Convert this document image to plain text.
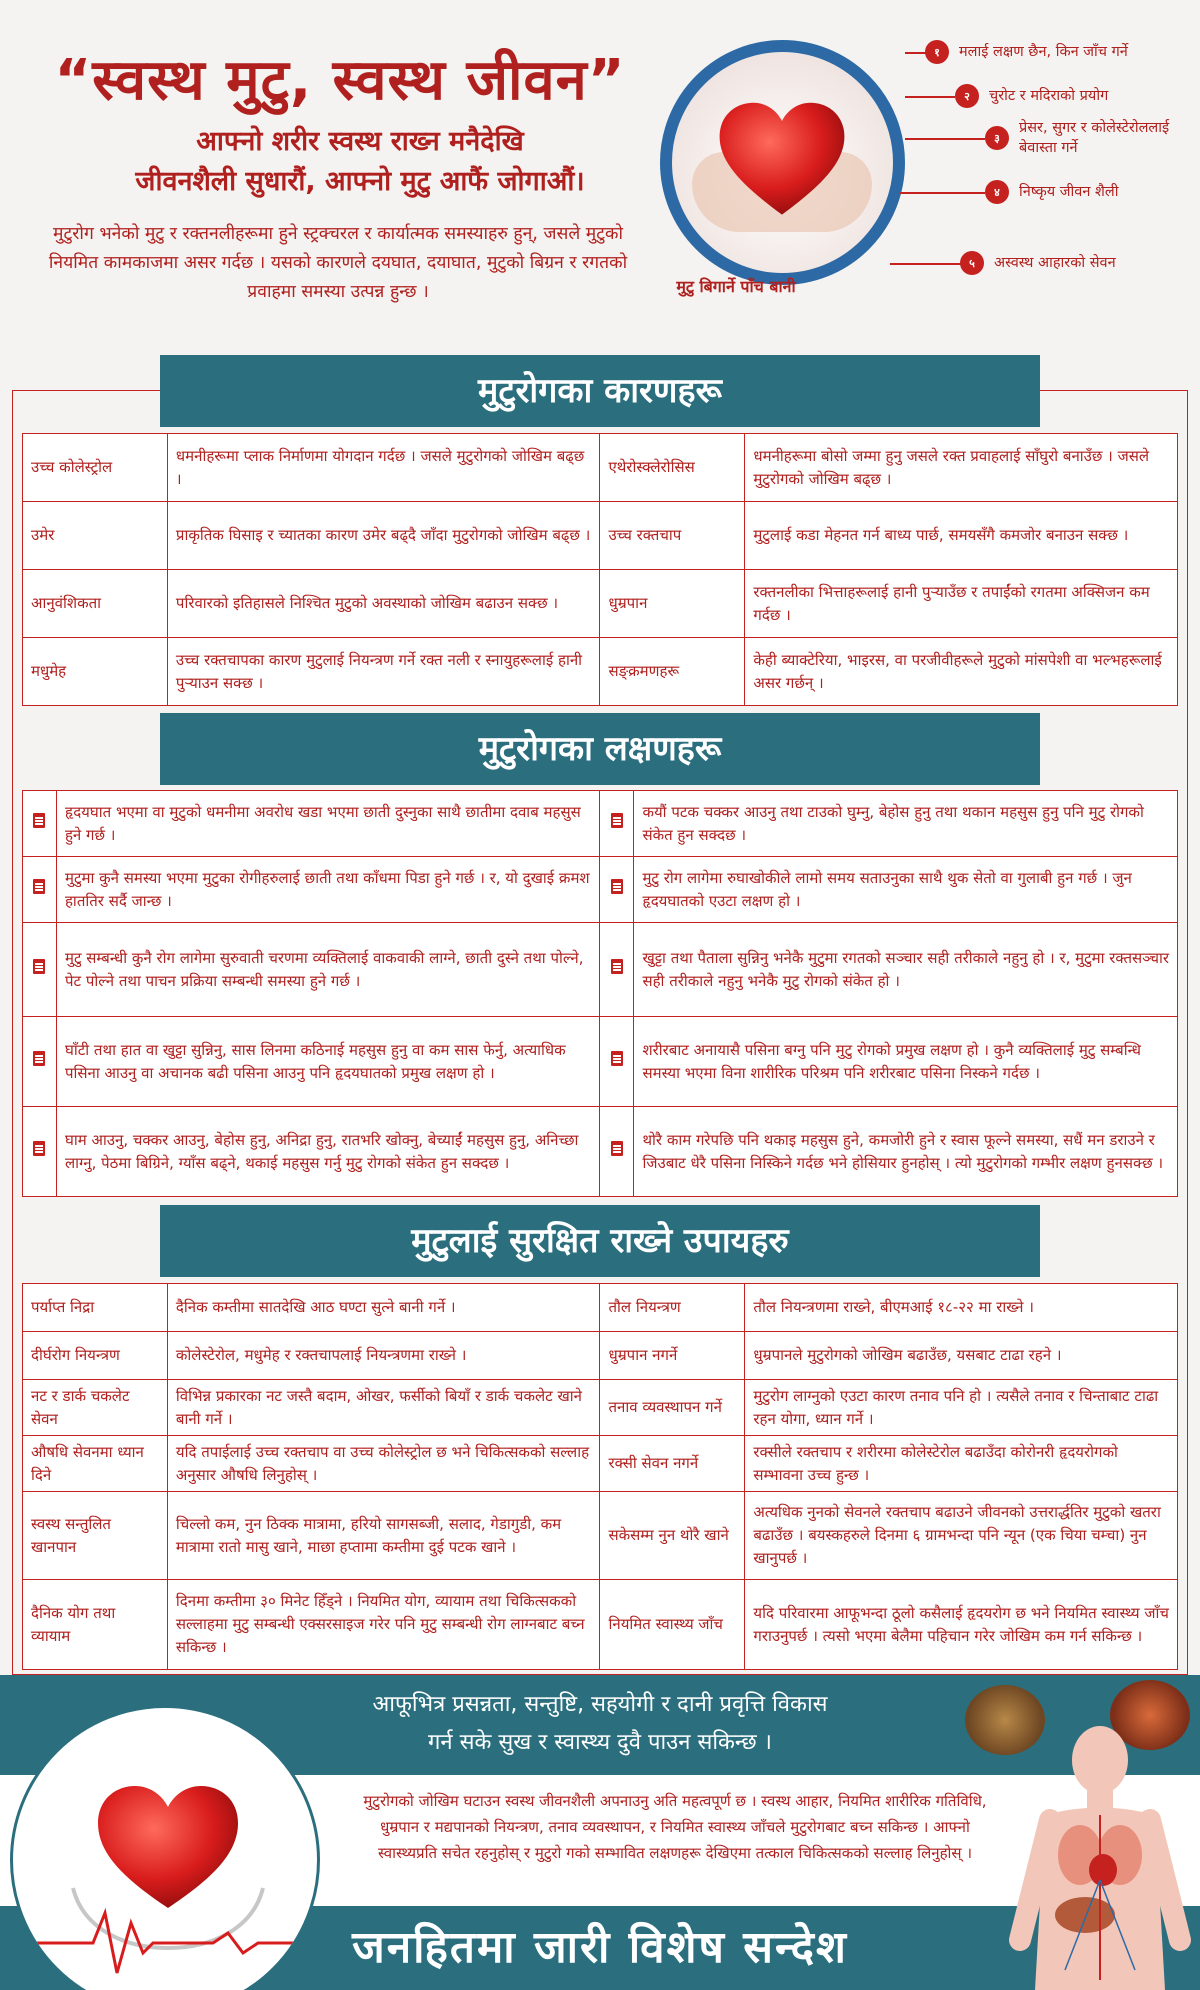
“स्वस्थ मुटु, स्वस्थ जीवन”
आफ्नो शरीर स्वस्थ राख्न मनैदेखि
जीवनशैली सुधारौं, आफ्नो मुटु आफैं जोगाऔं।
मुटुरोग भनेको मुटु र रक्तनलीहरूमा हुने स्ट्रक्चरल र कार्यात्मक समस्याहरु हुन्, जसले मुटुको नियमित कामकाजमा असर गर्दछ । यसको कारणले दयघात, दयाघात, मुटुको बिग्रन र रगतको प्रवाहमा समस्या उत्पन्न हुन्छ ।	मुटु बिगार्ने पाँच बानी
१	मलाई लक्षण छैन, किन जाँच गर्ने
२	चुरोट र मदिराको प्रयोग
३
प्रेसर, सुगर र कोलेस्टेरोललाई बेवास्ता गर्ने
४	निष्कृय जीवन शैली
५	अस्वस्थ आहारको सेवन
मुटुरोगका कारणहरू
उच्च कोलेस्ट्रोल	धमनीहरूमा प्लाक निर्माणमा योगदान गर्दछ । जसले मुटुरोगको जोखिम बढ्छ ।	एथेरोस्क्लेरोसिस	धमनीहरूमा बोसो जम्मा हुनु जसले रक्त प्रवाहलाई साँघुरो बनाउँछ । जसले मुटुरोगको जोखिम बढ्छ ।
उमेर	प्राकृतिक घिसाइ र च्यातका कारण उमेर बढ्दै जाँदा मुटुरोगको जोखिम बढ्छ ।	उच्च रक्तचाप	मुटुलाई कडा मेहनत गर्न बाध्य पार्छ, समयसँगै कमजोर बनाउन सक्छ ।
आनुवंशिकता	परिवारको इतिहासले निश्चित मुटुको अवस्थाको जोखिम बढाउन सक्छ ।	धुम्रपान	रक्तनलीका भित्ताहरूलाई हानी पुर्‍याउँछ र तपाईंको रगतमा अक्सिजन कम गर्दछ ।
मधुमेह	उच्च रक्तचापका कारण मुटुलाई नियन्त्रण गर्ने रक्त नली र स्नायुहरूलाई हानी पुर्‍याउन सक्छ ।	सङ्क्रमणहरू	केही ब्याक्टेरिया, भाइरस, वा परजीवीहरूले मुटुको मांसपेशी वा भल्भहरूलाई असर गर्छन् ।
मुटुरोगका लक्षणहरू
	हृदयघात भएमा वा मुटुको धमनीमा अवरोध खडा भएमा छाती दुस्नुका साथै छातीमा दवाब महसुस हुने गर्छ ।		कयौं पटक चक्कर आउनु तथा टाउको घुम्नु, बेहोस हुनु तथा थकान महसुस हुनु पनि मुटु रोगको संकेत हुन सक्दछ ।
	मुटुमा कुनै समस्या भएमा मुटुका रोगीहरुलाई छाती तथा काँधमा पिडा हुने गर्छ । र, यो दुखाई क्रमश हाततिर सर्दै जान्छ ।		मुटु रोग लागेमा रुघाखोकीले लामो समय सताउनुका साथै थुक सेतो वा गुलाबी हुन गर्छ । जुन हृदयघातको एउटा लक्षण हो ।
	मुटु सम्बन्धी कुनै रोग लागेमा सुरुवाती चरणमा व्यक्तिलाई वाकवाकी लाग्ने, छाती दुस्ने तथा पोल्ने, पेट पोल्ने तथा पाचन प्रक्रिया सम्बन्धी समस्या हुने गर्छ ।		खुट्टा तथा पैताला सुन्निनु भनेकै मुटुमा रगतको सञ्चार सही तरीकाले नहुनु हो । र, मुटुमा रक्तसञ्चार सही तरीकाले नहुनु भनेकै मुटु रोगको संकेत हो ।
	घाँटी तथा हात वा खुट्टा सुन्निनु, सास लिनमा कठिनाई महसुस हुनु वा कम सास फेर्नु, अत्याधिक पसिना आउनु वा अचानक बढी पसिना आउनु पनि हृदयघातको प्रमुख लक्षण हो ।		शरीरबाट अनायासै पसिना बग्नु पनि मुटु रोगको प्रमुख लक्षण हो । कुनै व्यक्तिलाई मुटु सम्बन्धि समस्या भएमा विना शारीरिक परिश्रम पनि शरीरबाट पसिना निस्कने गर्दछ ।
	घाम आउनु, चक्कर आउनु, बेहोस हुनु, अनिद्रा हुनु, रातभरि खोक्नु, बेच्याईं महसुस हुनु, अनिच्छा लाग्नु, पेठमा बिग्रिने, ग्याँस बढ्ने, थकाई महसुस गर्नु मुटु रोगको संकेत हुन सक्दछ ।		थोरै काम गरेपछि पनि थकाइ महसुस हुने, कमजोरी हुने र स्वास फूल्ने समस्या, सधैं मन डराउने र जिउबाट धेरै पसिना निस्किने गर्दछ भने होसियार हुनहोस् । त्यो मुटुरोगको गम्भीर लक्षण हुनसक्छ ।
मुटुलाई सुरक्षित राख्ने उपायहरु
पर्याप्त निद्रा	दैनिक कम्तीमा सातदेखि आठ घण्टा सुत्ने बानी गर्ने ।	तौल नियन्त्रण	तौल नियन्त्रणमा राख्ने, बीएमआई १८-२२ मा राख्ने ।
दीर्घरोग नियन्त्रण	कोलेस्टेरोल, मधुमेह र रक्तचापलाई नियन्त्रणमा राख्ने ।	धुम्रपान नगर्ने	धुम्रपानले मुटुरोगको जोखिम बढाउँछ, यसबाट टाढा रहने ।
नट र डार्क चकलेट सेवन	विभिन्न प्रकारका नट जस्तै बदाम, ओखर, फर्सीको बियाँ र डार्क चकलेट खाने बानी गर्ने ।	तनाव व्यवस्थापन गर्ने	मुटुरोग लाग्नुको एउटा कारण तनाव पनि हो । त्यसैले तनाव र चिन्ताबाट टाढा रहन योगा, ध्यान गर्ने ।
औषधि सेवनमा ध्यान दिने	यदि तपाईलाई उच्च रक्तचाप वा उच्च कोलेस्ट्रोल छ भने चिकित्सकको सल्लाह अनुसार औषधि लिनुहोस् ।	रक्सी सेवन नगर्ने	रक्सीले रक्तचाप र शरीरमा कोलेस्टेरोल बढाउँदा कोरोनरी हृदयरोगको सम्भावना उच्च हुन्छ ।
स्वस्थ सन्तुलित खानपान	चिल्लो कम, नुन ठिक्क मात्रामा, हरियो सागसब्जी, सलाद, गेडागुडी, कम मात्रामा रातो मासु खाने, माछा हप्तामा कम्तीमा दुई पटक खाने ।	सकेसम्म नुन थोरै खाने	अत्यधिक नुनको सेवनले रक्तचाप बढाउने जीवनको उत्तरार्द्धतिर मुटुको खतरा बढाउँछ । बयस्कहरुले दिनमा ६ ग्रामभन्दा पनि न्यून (एक चिया चम्चा) नुन खानुपर्छ ।
दैनिक योग तथा व्यायाम	दिनमा कम्तीमा ३० मिनेट हिँड्ने । नियमित योग, व्यायाम तथा चिकित्सकको सल्लाहमा मुटु सम्बन्धी एक्सरसाइज गरेर पनि मुटु सम्बन्धी रोग लाग्नबाट बच्न सकिन्छ ।	नियमित स्वास्थ्य जाँच	यदि परिवारमा आफूभन्दा ठूलो कसैलाई हृदयरोग छ भने नियमित स्वास्थ्य जाँच गराउनुपर्छ । त्यसो भएमा बेलैमा पहिचान गरेर जोखिम कम गर्न सकिन्छ ।
आफूभित्र प्रसन्नता, सन्तुष्टि, सहयोगी र दानी प्रवृत्ति विकास
गर्न सके सुख र स्वास्थ्य दुवै पाउन सकिन्छ ।
मुटुरोगको जोखिम घटाउन स्वस्थ जीवनशैली अपनाउनु अति महत्वपूर्ण छ । स्वस्थ आहार, नियमित शारीरिक गतिविधि, धुम्रपान र मद्यपानको नियन्त्रण, तनाव व्यवस्थापन, र नियमित स्वास्थ्य जाँचले मुटुरोगबाट बच्न सकिन्छ । आफ्नो स्वास्थ्यप्रति सचेत रहनुहोस् र मुटुरो गको सम्भावित लक्षणहरू देखिएमा तत्काल चिकित्सकको सल्लाह लिनुहोस् ।
जनहितमा जारी विशेष सन्देश
